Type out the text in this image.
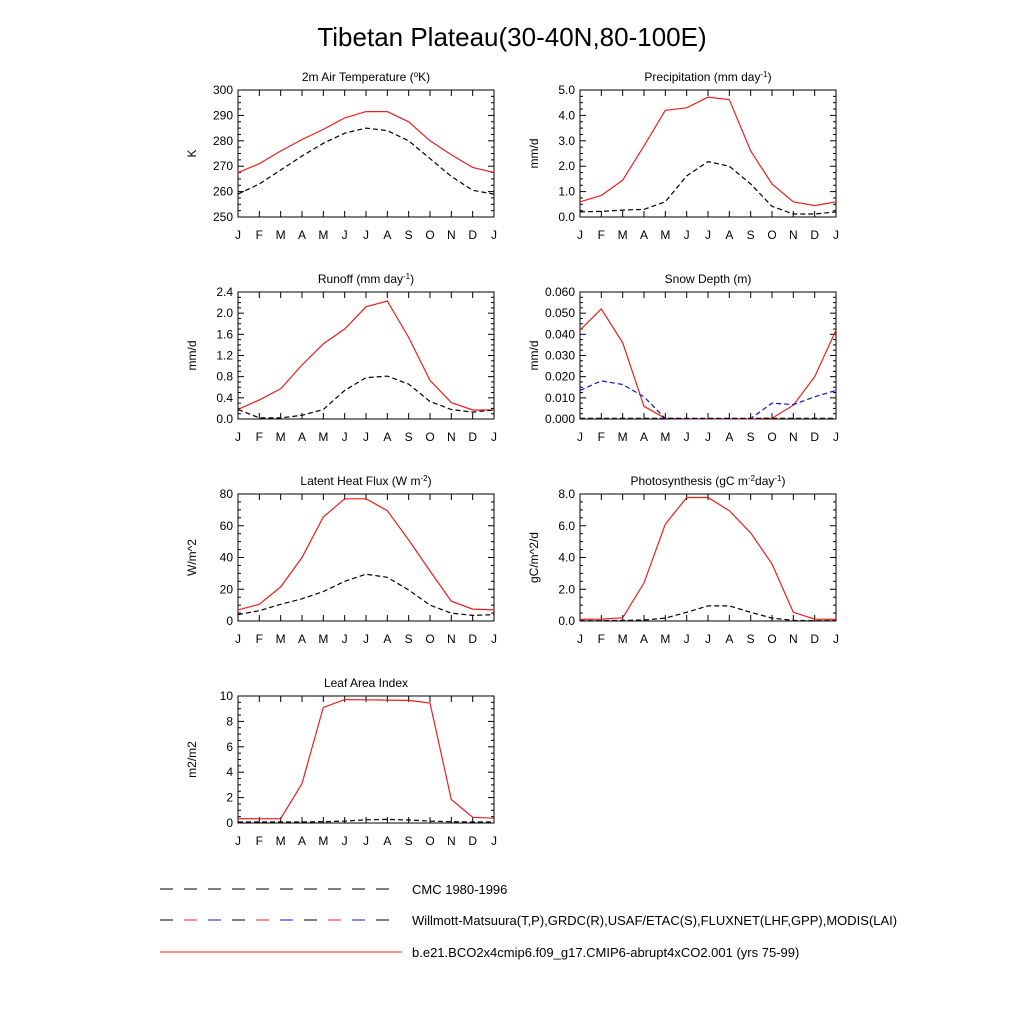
Tibetan Plateau(30-40N,80-100E)
2m Air Temperature ($^o$K)
J F M A M J J A S O N D J
250
260
270
280
290
300
K
Precipitation (mm day$^{-1}$)
J F M A M J J A S O N D J
0.0
1.0
2.0
3.0
4.0
5.0
mm/d
Runoff (mm day$^{-1}$)
J F M A M J J A S O N D J
0.0
0.4
0.8
1.2
1.6
2.0
2.4
mm/d
Snow Depth (m)
J F M A M J J A S O N D J
0.000
0.010
0.020
0.030
0.040
0.050
0.060
mm/d
Latent Heat Flux (W $m^{-2}$)
J F M A M J J A S O N D J
0
20
40
60
80
W/m^2
Photosynthesis (gC $m^{-2}day^{-1}$)
J F M A M J J A S O N D J
0.0
2.0
4.0
6.0
8.0
gC/m^2/d
Leaf Area Index
J F M A M J J A S O N D J
0
2
4
6
8
10
m2/m2
CMC 1980-1996
Willmott-Matsuura(T,P),GRDC(R),USAF/ETAC(S),FLUXNET(LHF,GPP),MODIS(LAI)
b.e21.BCO2x4cmip6.f09_g17.CMIP6-abrupt4xCO2.001 (yrs 75-99)
